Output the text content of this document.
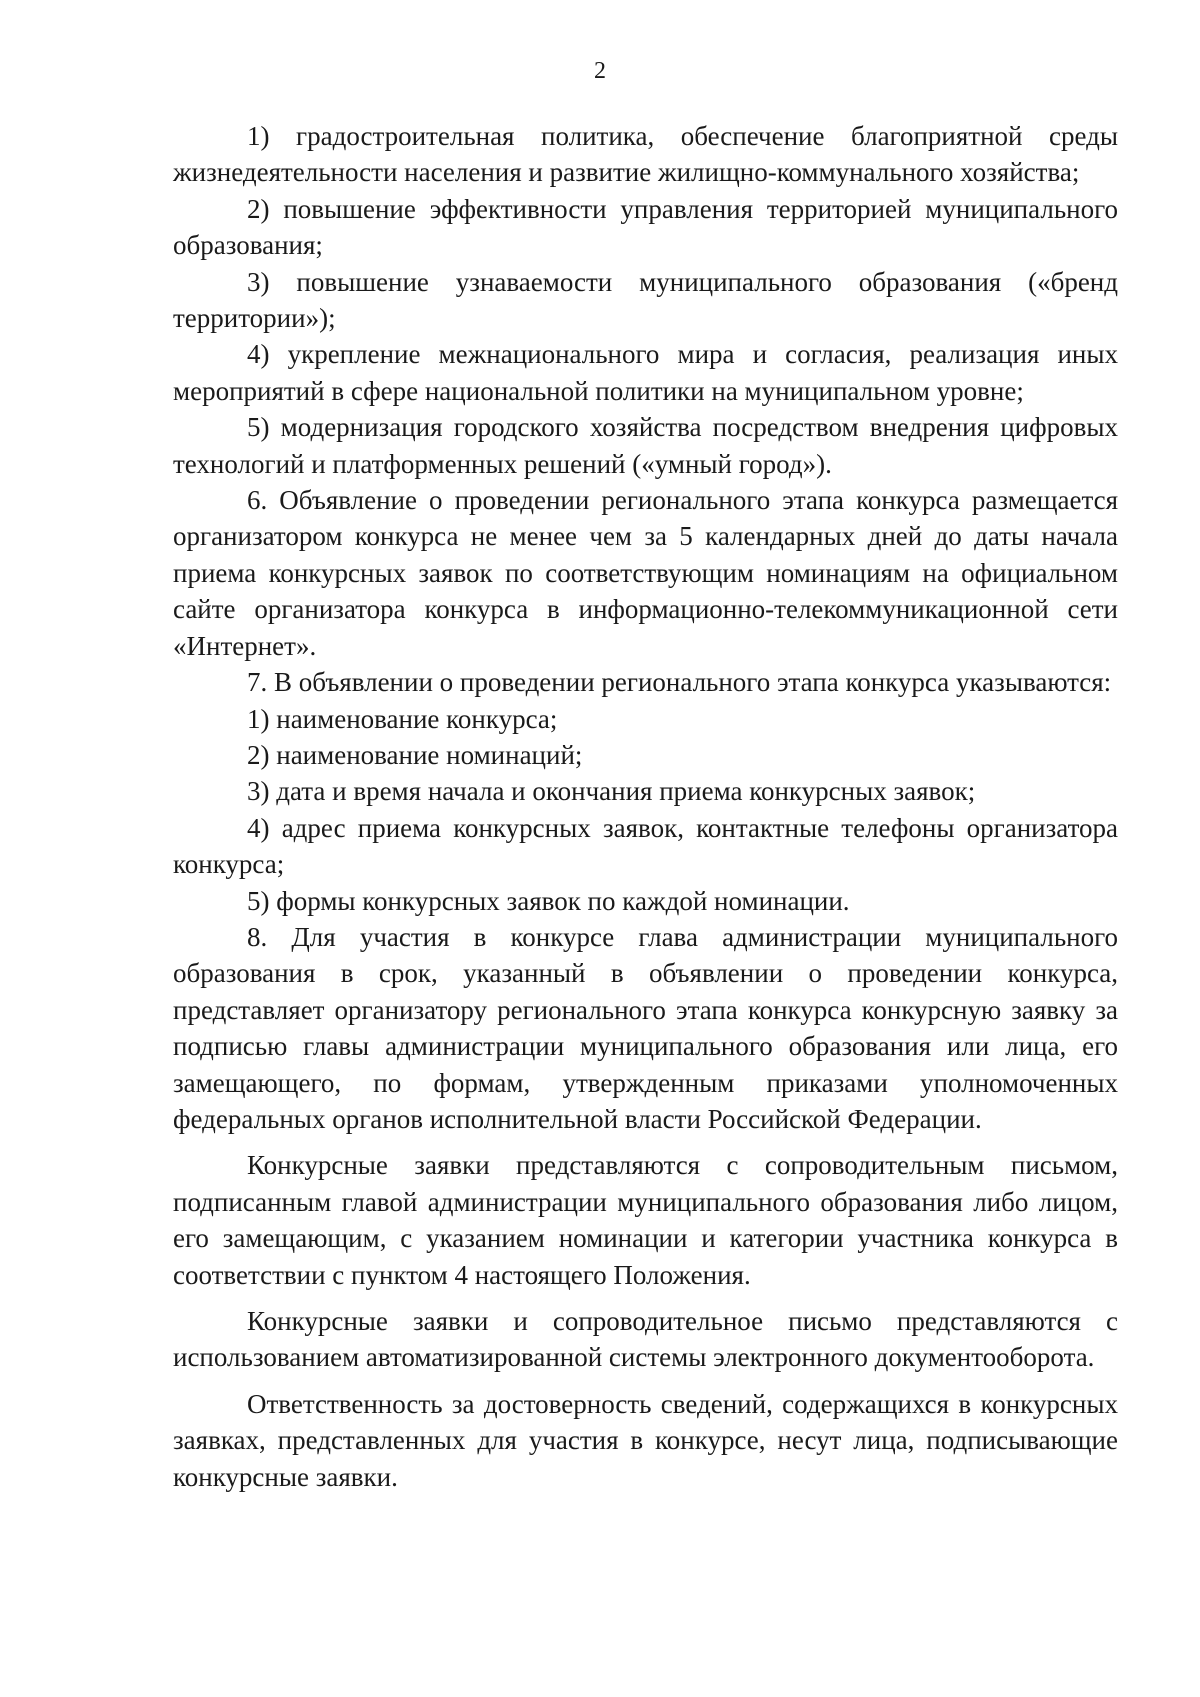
2

1) градостроительная политика, обеспечение благоприятной среды жизнедеятельности населения и развитие жилищно-коммунального хозяйства;

2) повышение эффективности управления территорией муниципального образования;

3) повышение узнаваемости муниципального образования («бренд территории»);

4) укрепление межнационального мира и согласия, реализация иных мероприятий в сфере национальной политики на муниципальном уровне;

5) модернизация городского хозяйства посредством внедрения цифровых технологий и платформенных решений («умный город»).

6. Объявление о проведении регионального этапа конкурса размещается организатором конкурса не менее чем за 5 календарных дней до даты начала приема конкурсных заявок по соответствующим номинациям на официальном сайте организатора конкурса в информационно-телекоммуникационной сети «Интернет».

7. В объявлении о проведении регионального этапа конкурса указываются:

1) наименование конкурса;

2) наименование номинаций;

3) дата и время начала и окончания приема конкурсных заявок;

4) адрес приема конкурсных заявок, контактные телефоны организатора конкурса;

5) формы конкурсных заявок по каждой номинации.

8. Для участия в конкурсе глава администрации муниципального образования в срок, указанный в объявлении о проведении конкурса, представляет организатору регионального этапа конкурса конкурсную заявку за подписью главы администрации муниципального образования или лица, его замещающего, по формам, утвержденным приказами уполномоченных федеральных органов исполнительной власти Российской Федерации.

Конкурсные заявки представляются с сопроводительным письмом, подписанным главой администрации муниципального образования либо лицом, его замещающим, с указанием номинации и категории участника конкурса в соответствии с пунктом 4 настоящего Положения.

Конкурсные заявки и сопроводительное письмо представляются с использованием автоматизированной системы электронного документооборота.

Ответственность за достоверность сведений, содержащихся в конкурсных заявках, представленных для участия в конкурсе, несут лица, подписывающие конкурсные заявки.
